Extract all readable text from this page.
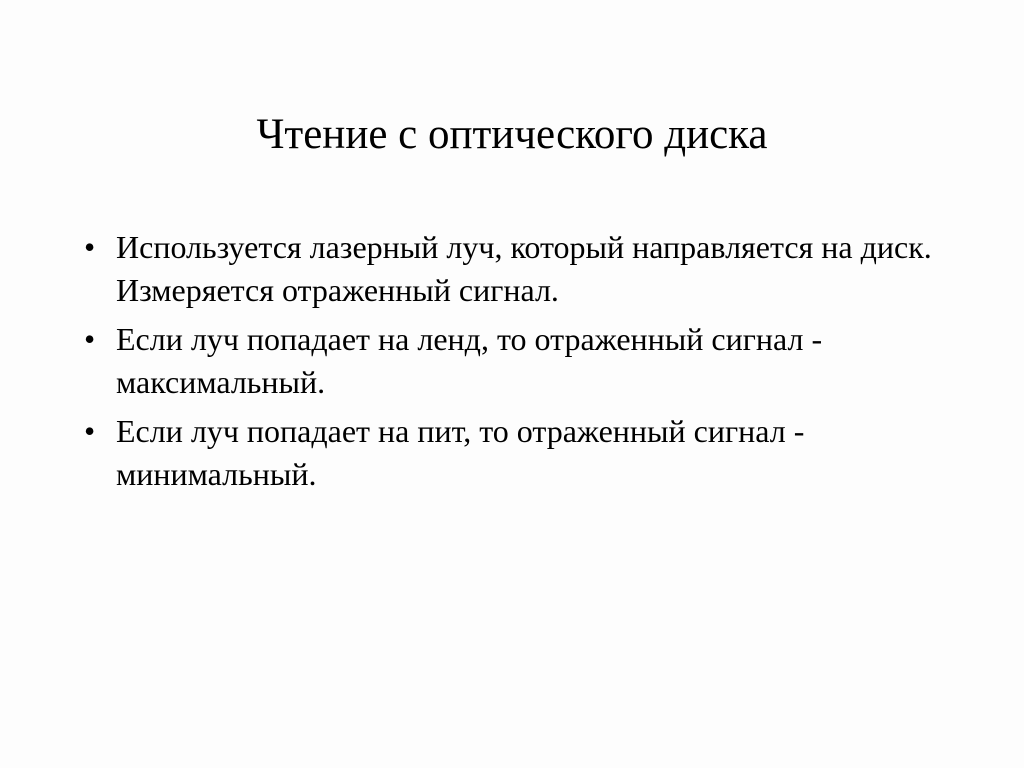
Чтение с оптического диска
• Используется лазерный луч, который направляется на диск. Измеряется отраженный сигнал.
• Если луч попадает на ленд, то отраженный сигнал - максимальный.
• Если луч попадает на пит, то отраженный сигнал - минимальный.
